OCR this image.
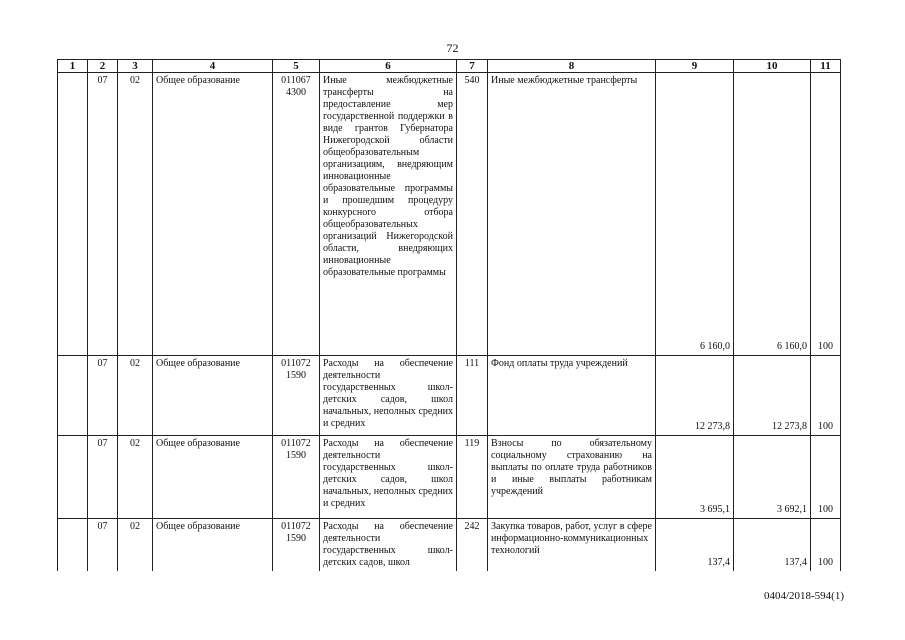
72
1	2	3	4	5	6	7	8	9	10	11
	07	02	Общее образование	011067 4300	Иные межбюджетные трансферты на предоставление мер государственной поддержки в виде грантов Губернатора Нижегородской области общеобразовательным организациям, внедряющим инновационные образовательные программы и прошедшим процедуру конкурсного отбора общеобразовательных организаций Нижегородской области, внедряющих инновационные образовательные программы	540	Иные межбюджетные трансферты	6 160,0	6 160,0	100
	07	02	Общее образование	011072 1590	Расходы на обеспечение деятельности государственных школ-детских садов, школ начальных, неполных средних и средних	111	Фонд оплаты труда учреждений	12 273,8	12 273,8	100
	07	02	Общее образование	011072 1590	Расходы на обеспечение деятельности государственных школ-детских садов, школ начальных, неполных средних и средних	119	Взносы по обязательному социальному страхованию на выплаты по оплате труда работников и иные выплаты работникам учреждений	3 695,1	3 692,1	100
	07	02	Общее образование	011072 1590	Расходы на обеспечение деятельности государственных школ-детских садов, школ	242	Закупка товаров, работ, услуг в сфере информационно-коммуникационных технологий	137,4	137,4	100
0404/2018-594(1)
